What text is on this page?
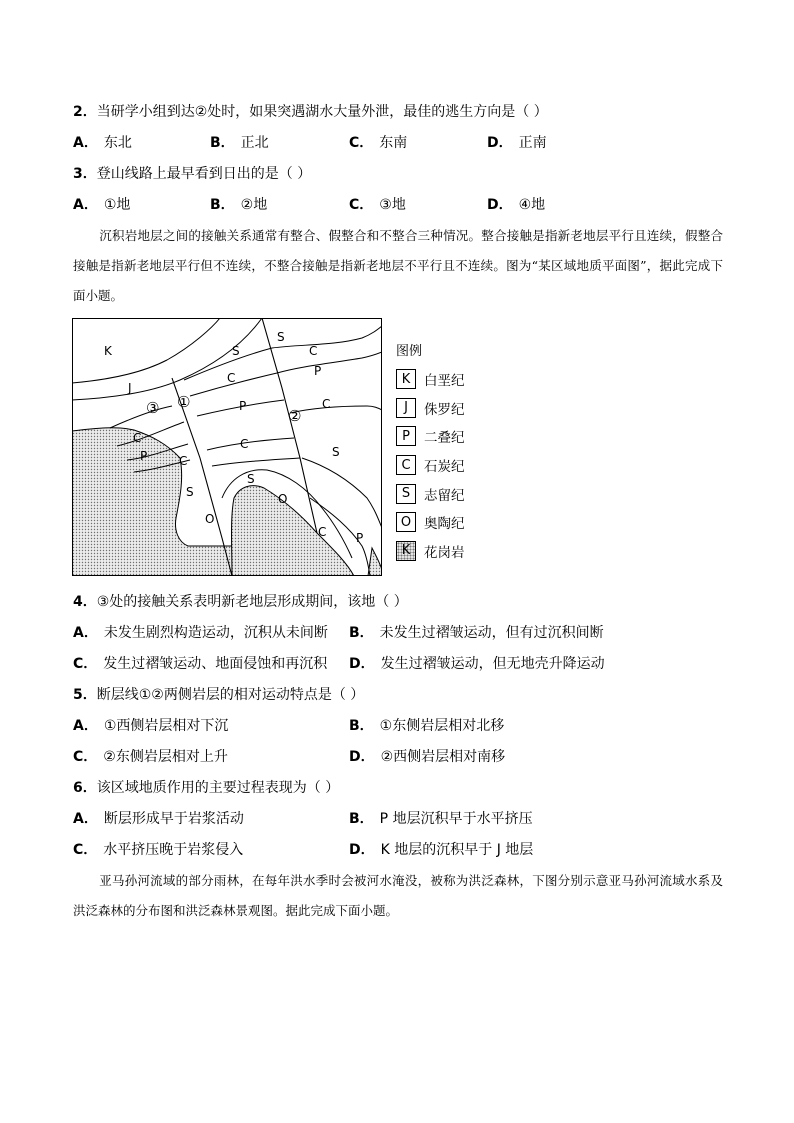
2．当研学小组到达②处时，如果突遇湖水大量外泄，最佳的逃生方向是（ ）
A． 东北	B． 正北	C． 东南	D． 正南
3．登山线路上最早看到日出的是（ ）
A． ①地	B． ②地	C． ③地	D． ④地
沉积岩地层之间的接触关系通常有整合、假整合和不整合三种情况。整合接触是指新老地层平行且连续，假整合接触是指新老地层平行但不连续，不整合接触是指新老地层不平行且不连续。图为“某区域地质平面图”，据此完成下面小题。
K
J
③ ①
S
C
P
S
C
P
②
C
C
P
C
C
S
S	O
O
S
C P
图例
K	白垩纪
J	侏罗纪
P	二叠纪
C 石炭纪
S	志留纪
O 奥陶纪
K	花岗岩
4．③处的接触关系表明新老地层形成期间，该地（ ）
A． 未发生剧烈构造运动，沉积从未间断 B． 未发生过褶皱运动，但有过沉积间断
C． 发生过褶皱运动、地面侵蚀和再沉积 D． 发生过褶皱运动，但无地壳升降运动
5．断层线①②两侧岩层的相对运动特点是（ ）
A． ①西侧岩层相对下沉	B． ①东侧岩层相对北移
C． ②东侧岩层相对上升	D． ②西侧岩层相对南移
6．该区域地质作用的主要过程表现为（ ）
A． 断层形成早于岩浆活动	B． P 地层沉积早于水平挤压
C． 水平挤压晚于岩浆侵入	D． K 地层的沉积早于 J 地层
亚马孙河流域的部分雨林，在每年洪水季时会被河水淹没，被称为洪泛森林，下图分别示意亚马孙河流域水系及洪泛森林的分布图和洪泛森林景观图。据此完成下面小题。
